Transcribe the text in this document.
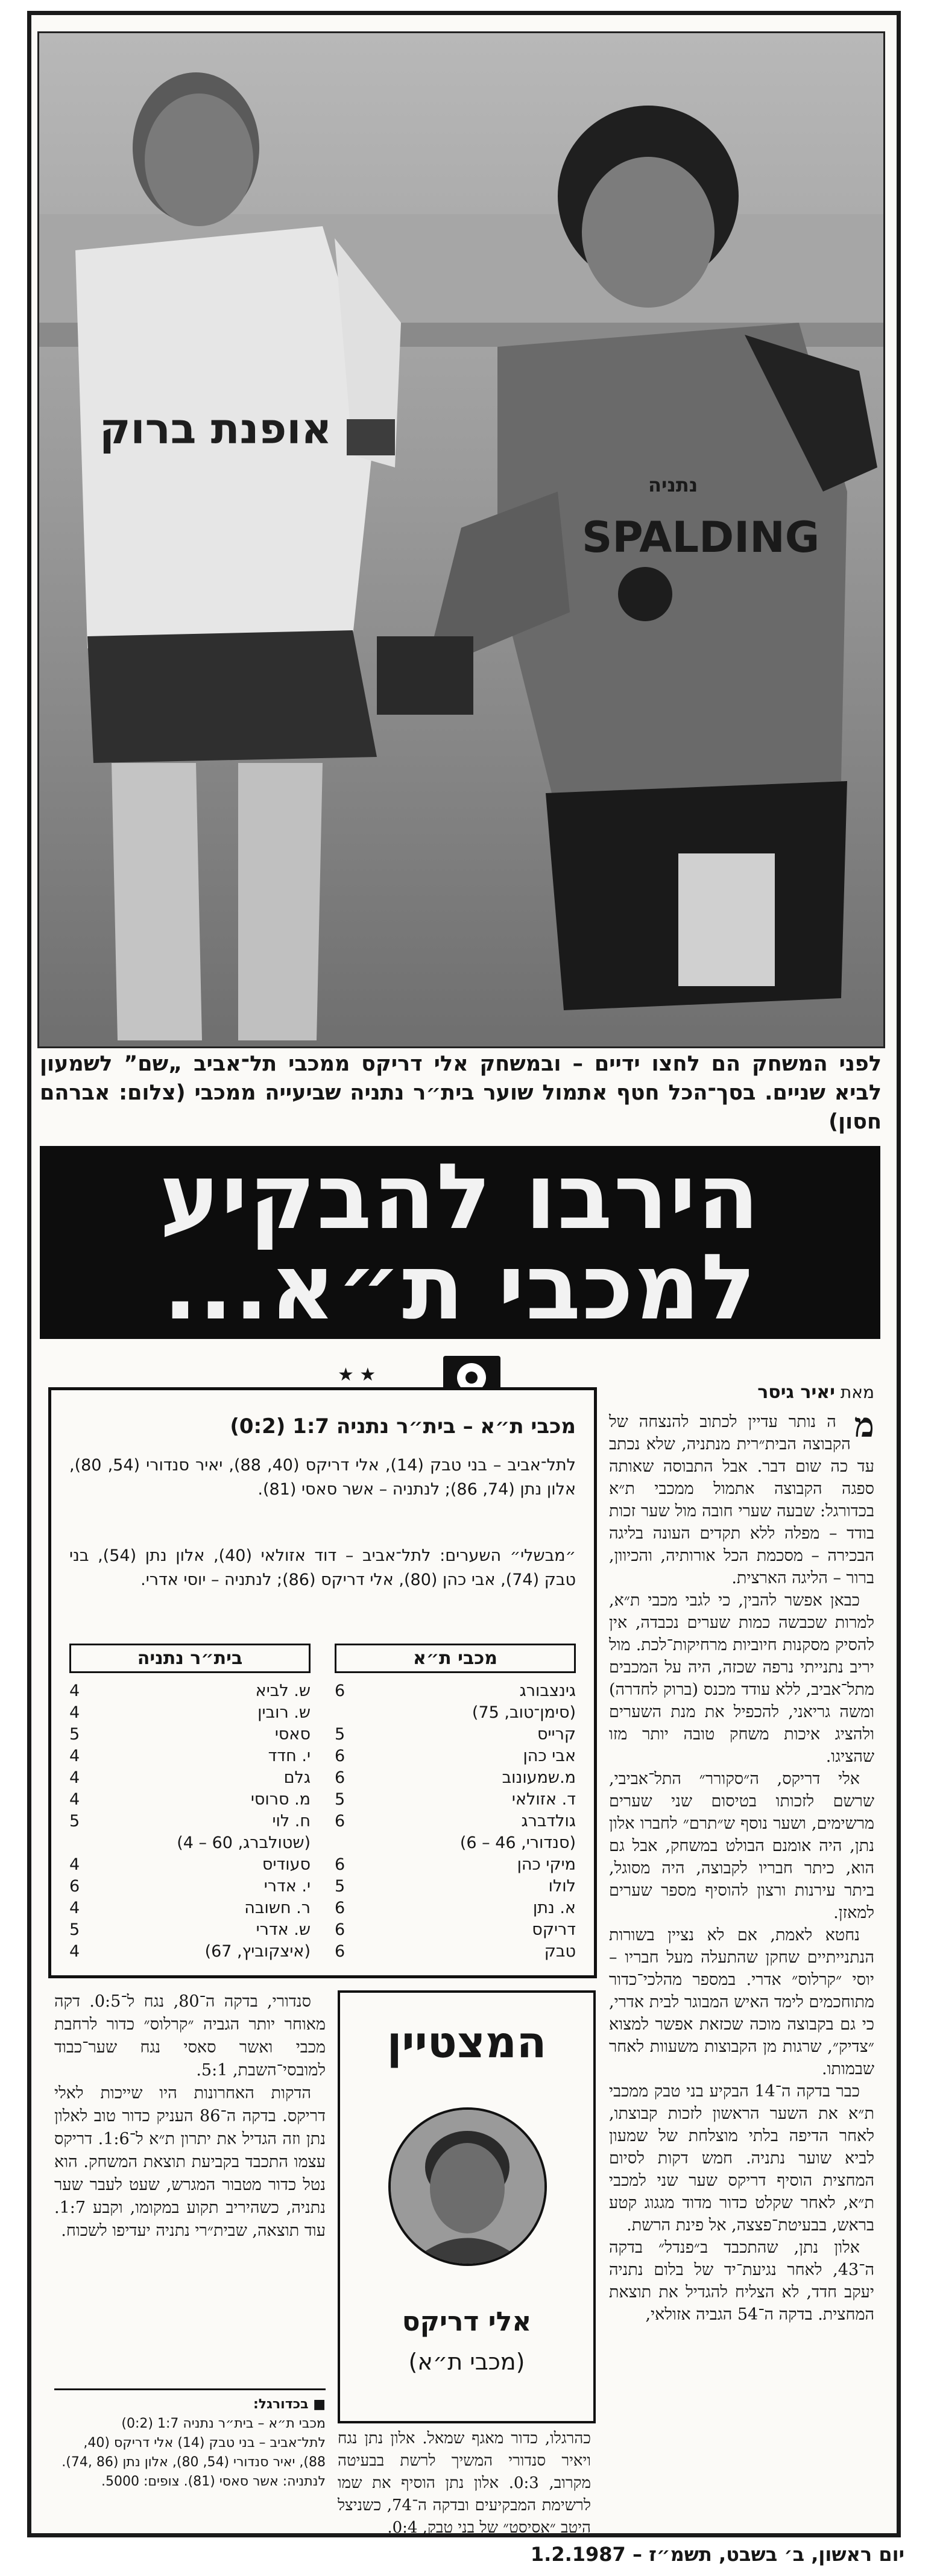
אופנת ברוק
SPALDING
נתניה
לפני המשחק הם לחצו ידיים – ובמשחק אלי דריקס ממכבי תל־אביב „שם” לשמעון לביא שניים. בסך־הכל חטף אתמול שוער בית״ר נתניה שביעייה ממכבי (צלום: אברהם חסון)
הירבו להבקיע
למכבי ת״א...
★ ★
מכבי ת״א – בית״ר נתניה 1:7 (0:2)
לתל־אביב – בני טבק (14), אלי דריקס (40, 88), יאיר סנדורי (54, 80), אלון נתן (74, 86); לנתניה – אשר סאסי (81).
״מבשלי״ השערים: לתל־אביב – דוד אזולאי (40), אלון נתן (54), בני טבק (74), אבי כהן (80), אלי דריקס (86); לנתניה – יוסי אדרי.
מכבי ת״א
גינצבורג
6
(סימן־טוב, 75)
קרייס
5
אבי כהן
6
מ.שמעונוב
6
ד. אזולאי
5
גולדברג
6
(סנדורי, 46 – 6)
מיקי כהן
6
לולו
5
א. נתן
6
דריקס
6
טבק
6
בית״ר נתניה
ש. לביא
4
ש. רובין
4
סאסי
5
י. חדד
4
גלם
4
מ. סרוסי
4
ח. לוי
5
(שטולברג, 60 – 4)
סעודיס
4
י. אדרי
6
ר. חשובה
4
ש. אדרי
5
(איצקוביץ, 67)
4
מאת יאיר גיסר
מ

ה נותר עדיין לכתוב להנצחה של הקבוצה הבית״רית מנתניה, שלא נכתב עד כה שום דבר. אבל התבוסה שאותה ספגה הקבוצה אתמול ממכבי ת״א בכדורגל: שבעה שערי חובה מול שער זכות בודד – מפלה ללא תקדים העונה בליגה הבכירה – מסכמת הכל אורותיה, והכיוון, ברור – הליגה הארצית.

כבאן אפשר להבין, כי לגבי מכבי ת״א, למרות שכבשה כמות שערים נכבדה, אין להסיק מסקנות חיוביות מרחיקות־לכת. מול יריב נתנייתי נרפה שכזה, היה על המכבים מתל־אביב, ללא עודד מכנס (ברוק לחדרה) ומשה גריאני, להכפיל את מנת השערים ולהציג איכות משחק טובה יותר מזו שהציגו.

אלי דריקס, ה״סקורר״ התל־אביבי, שרשם לזכותו בטיסום שני שערים מרשימים, ושער נוסף ש״תרם״ לחברו אלון נתן, היה אומנם הבולט במשחק, אבל גם הוא, כיתר חבריו לקבוצה, היה מסוגל, ביתר עירנות ורצון להוסיף מספר שערים למאזן.

נחטא לאמת, אם לא נציין בשורות הנתנייתיים שחקן שהתעלה מעל חבריו – יוסי ״קרלוס״ אדרי. במספר מהלכי־כדור מתוחכמים לימד האיש המבוגר לבית אדרי, כי גם בקבוצה מוכה שכזאת אפשר למצוא ״צדיק״, שרגות מן הקבוצות משעוות לאחר שבמותו.

כבר בדקה ה־14 הבקיע בני טבק ממכבי ת״א את השער הראשון לזכות קבוצתו, לאחר הדיפה בלתי מוצלחת של שמעון לביא שוער נתניה. חמש דקות לסיום המחצית הוסיף דריקס שער שני למכבי ת״א, לאחר שקלט כדור מדוד מגגוג קטע בראש, בבעיטת־פצצה, אל פינת הרשת.

אלון נתן, שהתכבד ב״פנדל״ בדקה ה־43, לאחר נגיעת־יד של בלום נתניה יעקב חדד, לא הצליח להגדיל את תוצאת המחצית. בדקה ה־54 הגביה אזולאי,

המצטיין
אלי דריקס
(מכבי ת״א)

סנדורי, בדקה ה־80, נגח ל־0:5. דקה מאוחר יותר הגביה ״קרלוס״ כדור לרחבת מכבי ואשר סאסי נגח שער־כבוד למובסי־השבת, 5:1.

הדקות האחרונות היו שייכות לאלי דריקס. בדקה ה־86 העניק כדור טוב לאלון נתן וזה הגדיל את יתרון ת״א ל־1:6. דריקס עצמו התכבד בקביעת תוצאת המשחק. הוא נטל כדור מטבור המגרש, שעט לעבר שער נתניה, כשהיריב תקוע במקומו, וקבע 1:7. עוד תוצאה, שבית״רי נתניה יעדיפו לשכוח.

כהרגלו, כדור מאגף שמאל. אלון נתן נגח ויאיר סנדורי המשיך לרשת בבעיטה מקרוב, 0:3. אלון נתן הוסיף את שמו לרשימת המבקיעים ובדקה ה־74, כשניצל היטב ״אסיסט״ של בני טבק, 0:4.
■ בכדורגל:
מכבי ת״א – בית״ר נתניה 1:7 (0:2)
לתל־אביב – בני טבק (14) אלי דריקס (40, 88), יאיר סנדורי (54, 80), אלון נתן (86 ,74). לנתניה: אשר סאסי (81). צופים: 5000.
יום ראשון, ב׳ בשבט, תשמ״ז – 1.2.1987
